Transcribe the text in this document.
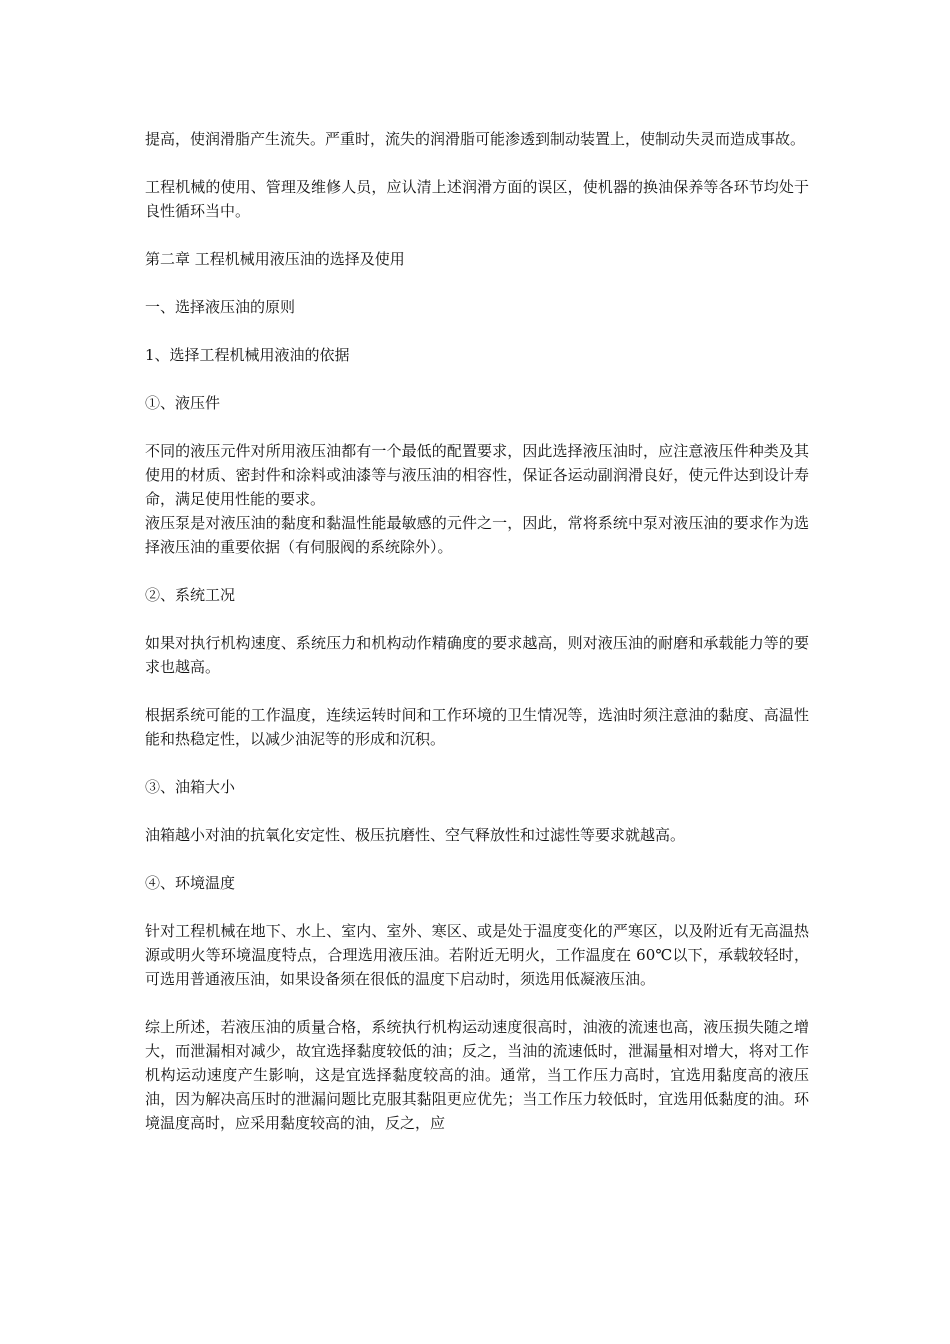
提高，使润滑脂产生流失。严重时，流失的润滑脂可能渗透到制动装置上，使制动失灵而造成事故。

工程机械的使用、管理及维修人员，应认清上述润滑方面的误区，使机器的换油保养等各环节均处于良性循环当中。

第二章 工程机械用液压油的选择及使用

一、选择液压油的原则

1、选择工程机械用液油的依据

①、液压件

不同的液压元件对所用液压油都有一个最低的配置要求，因此选择液压油时，应注意液压件种类及其使用的材质、密封件和涂料或油漆等与液压油的相容性，保证各运动副润滑良好，使元件达到设计寿命，满足使用性能的要求。

液压泵是对液压油的黏度和黏温性能最敏感的元件之一，因此，常将系统中泵对液压油的要求作为选择液压油的重要依据（有伺服阀的系统除外）。

②、系统工况

如果对执行机构速度、系统压力和机构动作精确度的要求越高，则对液压油的耐磨和承载能力等的要求也越高。

根据系统可能的工作温度，连续运转时间和工作环境的卫生情况等，选油时须注意油的黏度、高温性能和热稳定性，以减少油泥等的形成和沉积。

③、油箱大小

油箱越小对油的抗氧化安定性、极压抗磨性、空气释放性和过滤性等要求就越高。

④、环境温度

针对工程机械在地下、水上、室内、室外、寒区、或是处于温度变化的严寒区，以及附近有无高温热源或明火等环境温度特点，合理选用液压油。若附近无明火，工作温度在 60℃以下，承载较轻时，可选用普通液压油，如果设备须在很低的温度下启动时，须选用低凝液压油。

综上所述，若液压油的质量合格，系统执行机构运动速度很高时，油液的流速也高，液压损失随之增大，而泄漏相对减少，故宜选择黏度较低的油；反之，当油的流速低时，泄漏量相对增大，将对工作机构运动速度产生影响，这是宜选择黏度较高的油。通常，当工作压力高时，宜选用黏度高的液压油，因为解决高压时的泄漏问题比克服其黏阻更应优先；当工作压力较低时，宜选用低黏度的油。环境温度高时，应采用黏度较高的油，反之，应
